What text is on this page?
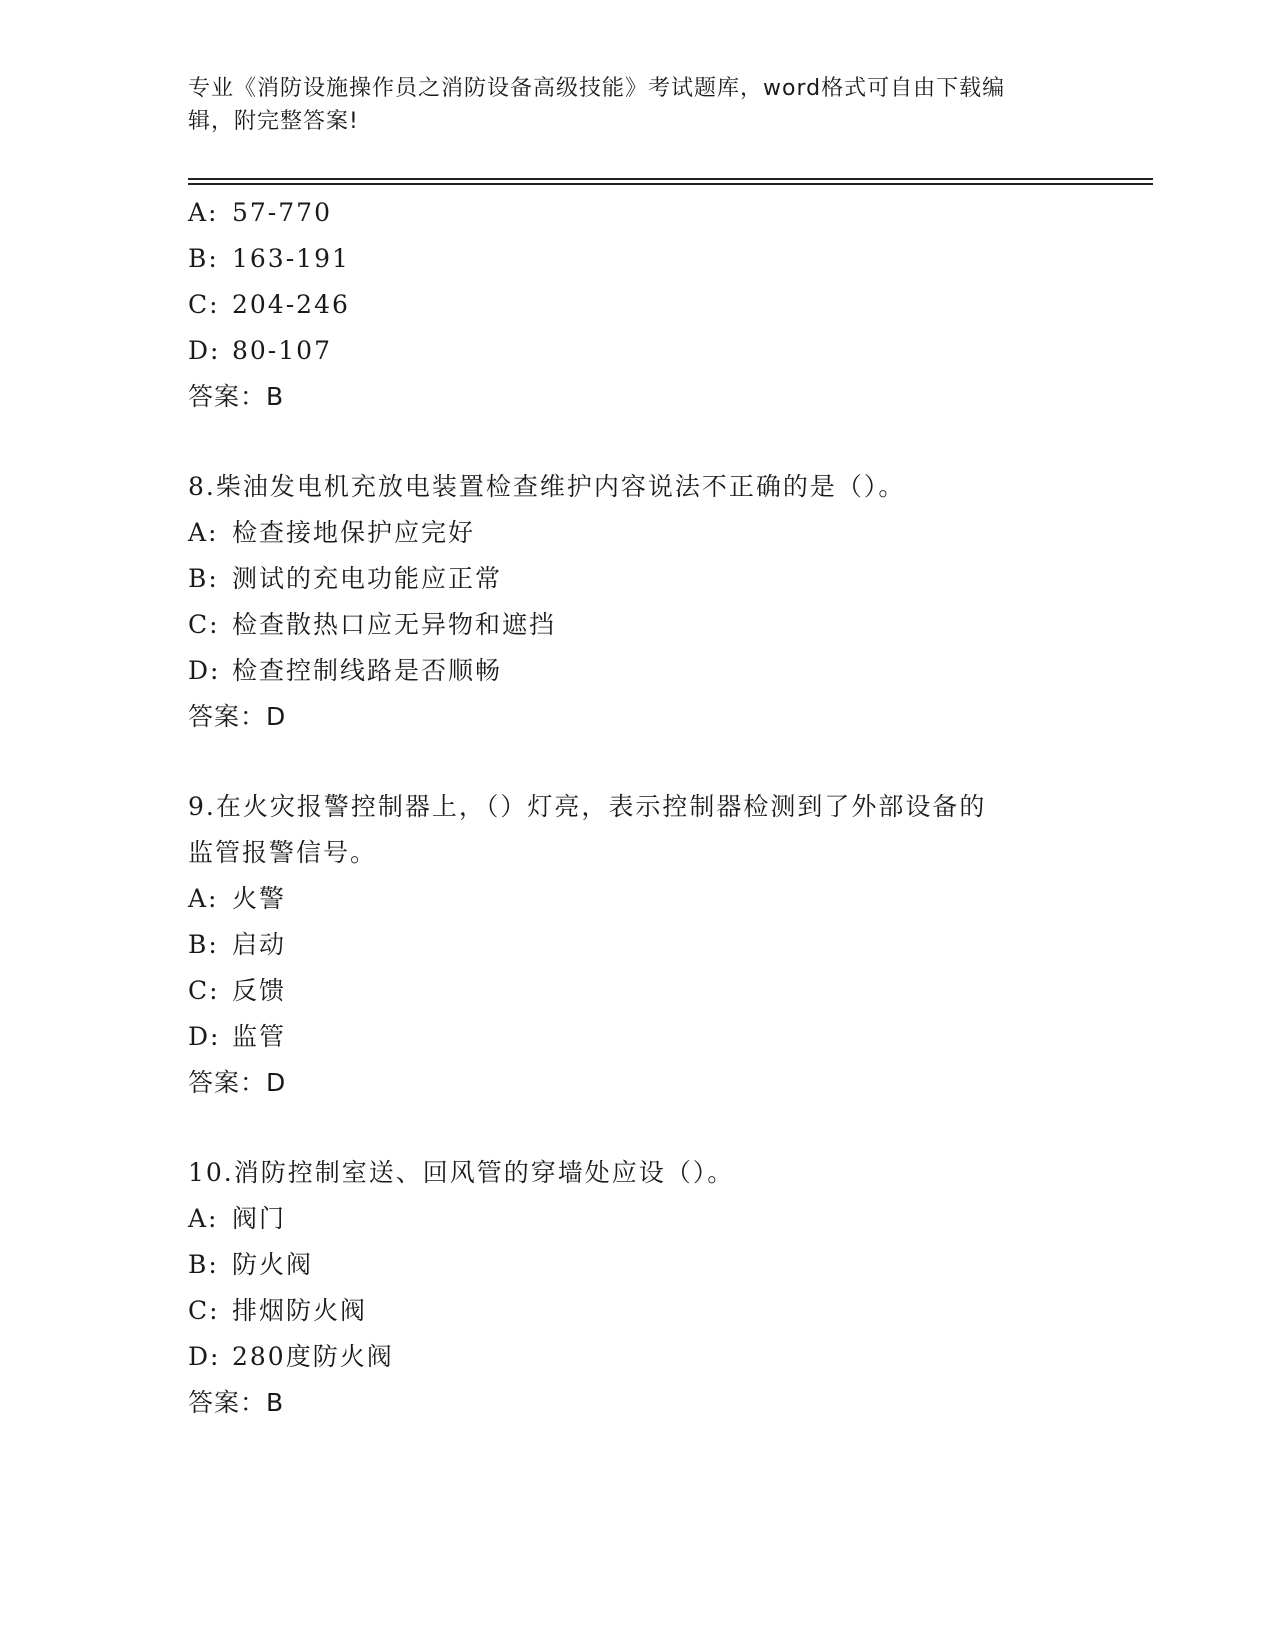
专业《消防设施操作员之消防设备高级技能》考试题库，word格式可自由下载编
辑，附完整答案!
A: 57-770
B: 163-191
C: 204-246
D: 80-107
答案：B
8.柴油发电机充放电装置检查维护内容说法不正确的是（）。
A: 检查接地保护应完好
B: 测试的充电功能应正常
C: 检查散热口应无异物和遮挡
D: 检查控制线路是否顺畅
答案：D
9.在火灾报警控制器上，（）灯亮，表示控制器检测到了外部设备的
监管报警信号。
A: 火警
B: 启动
C: 反馈
D: 监管
答案：D
10.消防控制室送、回风管的穿墙处应设（）。
A: 阀门
B: 防火阀
C: 排烟防火阀
D: 280度防火阀
答案：B
